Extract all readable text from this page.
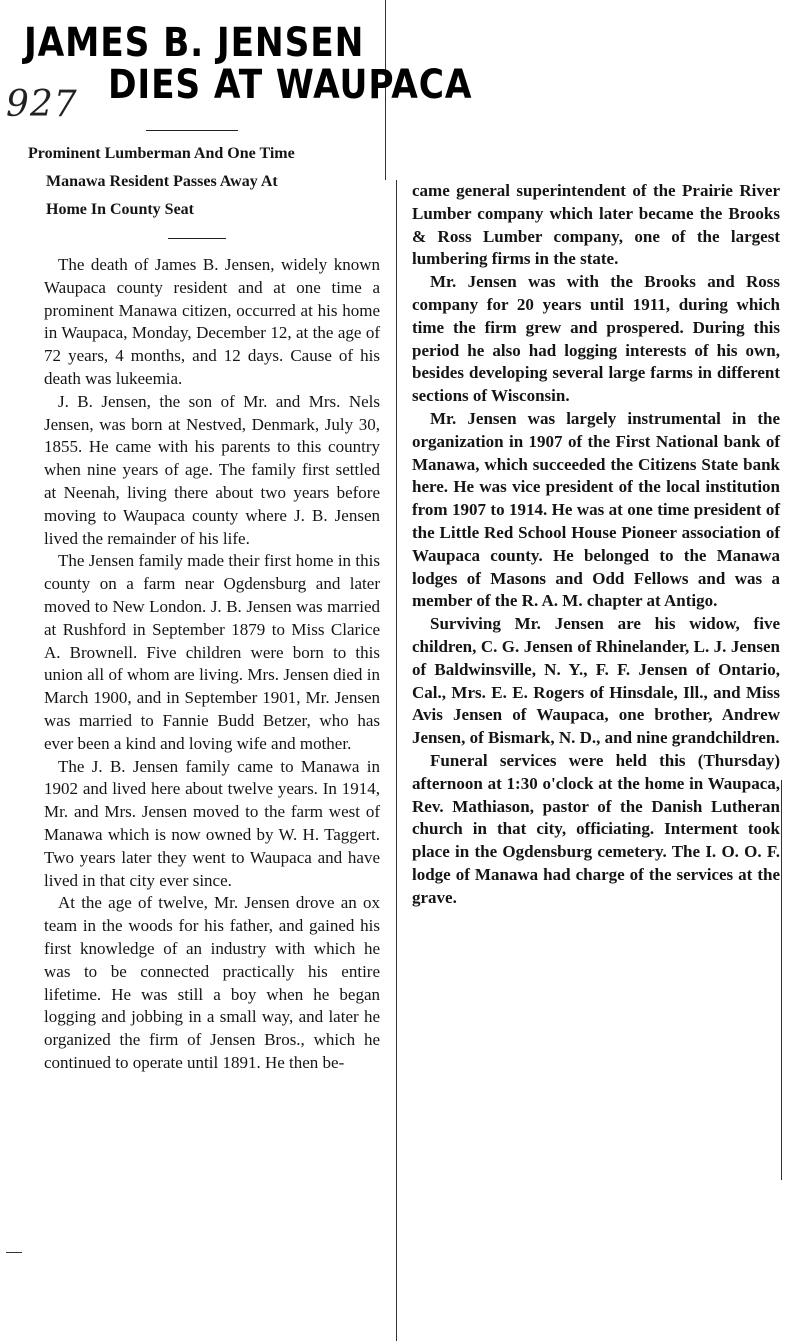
927
JAMES B. JENSEN
DIES AT WAUPACA
Prominent Lumberman And One Time
Manawa Resident Passes Away At
Home In County Seat

The death of James B. Jensen, widely known Waupaca county resident and at one time a prominent Manawa citizen, occurred at his home in Waupaca, Monday, December 12, at the age of 72 years, 4 months, and 12 days. Cause of his death was lukeemia.

J. B. Jensen, the son of Mr. and Mrs. Nels Jensen, was born at Nestved, Denmark, July 30, 1855. He came with his parents to this country when nine years of age. The family first settled at Neenah, living there about two years before moving to Waupaca county where J. B. Jensen lived the remainder of his life.

The Jensen family made their first home in this county on a farm near Ogdensburg and later moved to New London. J. B. Jensen was married at Rushford in September 1879 to Miss Clarice A. Brownell. Five children were born to this union all of whom are living. Mrs. Jensen died in March 1900, and in September 1901, Mr. Jensen was married to Fannie Budd Betzer, who has ever been a kind and loving wife and mother.

The J. B. Jensen family came to Manawa in 1902 and lived here about twelve years. In 1914, Mr. and Mrs. Jensen moved to the farm west of Manawa which is now owned by W. H. Taggert. Two years later they went to Waupaca and have lived in that city ever since.

At the age of twelve, Mr. Jensen drove an ox team in the woods for his father, and gained his first knowledge of an industry with which he was to be connected practically his entire lifetime. He was still a boy when he began logging and jobbing in a small way, and later he organized the firm of Jensen Bros., which he continued to operate until 1891. He then be-

came general superintendent of the Prairie River Lumber company which later became the Brooks & Ross Lumber company, one of the largest lumbering firms in the state.

Mr. Jensen was with the Brooks and Ross company for 20 years until 1911, during which time the firm grew and prospered. During this period he also had logging interests of his own, besides developing several large farms in different sections of Wisconsin.

Mr. Jensen was largely instrumental in the organization in 1907 of the First National bank of Manawa, which succeeded the Citizens State bank here. He was vice president of the local institution from 1907 to 1914. He was at one time president of the Little Red School House Pioneer association of Waupaca county. He belonged to the Manawa lodges of Masons and Odd Fellows and was a member of the R. A. M. chapter at Antigo.

Surviving Mr. Jensen are his widow, five children, C. G. Jensen of Rhinelander, L. J. Jensen of Baldwinsville, N. Y., F. F. Jensen of Ontario, Cal., Mrs. E. E. Rogers of Hinsdale, Ill., and Miss Avis Jensen of Waupaca, one brother, Andrew Jensen, of Bismark, N. D., and nine grandchildren.

Funeral services were held this (Thursday) afternoon at 1:30 o'clock at the home in Waupaca, Rev. Mathiason, pastor of the Danish Lutheran church in that city, officiating. Interment took place in the Ogdensburg cemetery. The I. O. O. F. lodge of Manawa had charge of the services at the grave.
